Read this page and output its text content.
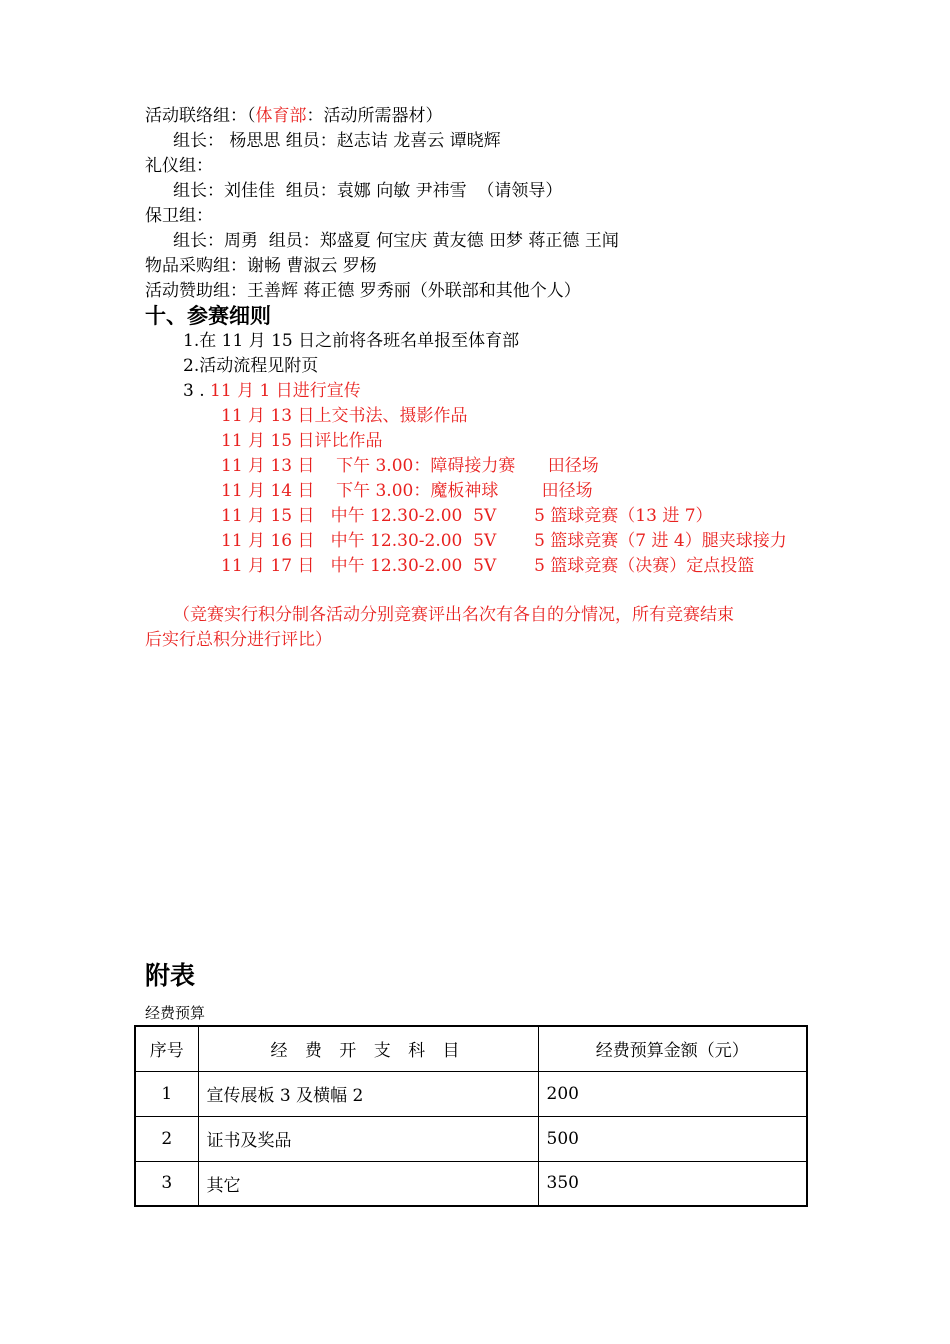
活动联络组：（体育部：活动所需器材）
组长： 杨思思 组员：赵志诘 龙喜云 谭晓辉
礼仪组：
组长：刘佳佳  组员：袁娜 向敏 尹祎雪  （请领导）
保卫组：
组长：周勇  组员：郑盛夏 何宝庆 黄友德 田梦 蒋正德 王闻
物品采购组：谢畅 曹淑云 罗杨
活动赞助组：王善辉 蒋正德 罗秀丽（外联部和其他个人）
十、参赛细则
1.在 11 月 15 日之前将各班名单报至体育部
2.活动流程见附页
3 . 11 月 1 日进行宣传
11 月 13 日上交书法、摄影作品
11 月 15 日评比作品
11 月 13 日    下午 3.00：障碍接力赛      田径场
11 月 14 日    下午 3.00：魔板神球        田径场
11 月 15 日   中午 12.30-2.00  5V       5 篮球竞赛（13 进 7）
11 月 16 日   中午 12.30-2.00  5V       5 篮球竞赛（7 进 4）腿夹球接力
11 月 17 日   中午 12.30-2.00  5V       5 篮球竞赛（决赛）定点投篮
（竞赛实行积分制各活动分别竞赛评出名次有各自的分情况，所有竞赛结束
后实行总积分进行评比）
附表
经费预算
序号	经 费 开 支 科 目	经费预算金额（元）
1	宣传展板 3 及横幅 2	200
2	证书及奖品	500
3	其它	350
